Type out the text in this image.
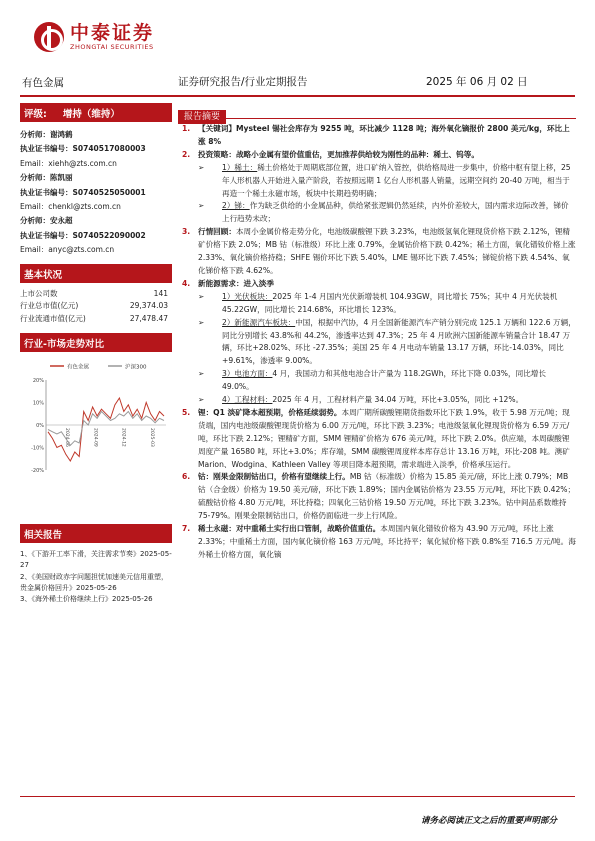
中泰证券
ZHONGTAI SECURITIES
有色金属	证券研究报告/行业定期报告	2025 年 06 月 02 日
评级: 增持（维持）
分析师：谢鸿鹤
执业证书编号：S0740517080003
Email：xiehh@zts.com.cn
分析师：陈凯丽
执业证书编号：S0740525050001
Email：chenkl@zts.com.cn
分析师：安永超
执业证书编号：S0740522090002
Email：anyc@zts.com.cn
基本状况
上市公司数	141
行业总市值(亿元)	29,374.03
行业流通市值(亿元)	27,478.47
行业-市场走势对比
有色金属	沪深300
20%
10%
0%
-10%
-20%
2024-06	2024-09	2024-12	2025-03
相关报告
1、《下游开工率下滑，关注需求节奏》2025-05-27
2、《美国财政赤字问题担忧加速美元信用重塑，贵金属价格回升》2025-05-26
3、《海外稀土价格继续上行》2025-05-26
报告摘要
1.	【关键词】Mysteel 锡社会库存为 9255 吨，环比减少 1128 吨；海外氧化镝报价 2800 美元/kg，环比上涨 8%
2.	投资策略：战略小金属有望价值重估，更加推荐供给较为刚性的品种：稀土、钨等。
➢	1）稀土：稀土价格处于周期底部位置，进口矿纳入管控，供给格局进一步集中，价格中枢有望上移，25 年人形机器人开始进入量产阶段，若按照远期 1 亿台人形机器人销量，远期空间约 20-40 万吨，相当于再造一个稀土永磁市场，板块中长期趋势明确；
➢	2）锑：作为缺乏供给的小金属品种，供给紧张逻辑仍然延续，内外价差较大，国内需求边际改善，锑价上行趋势未改；
3.	行情回顾：本周小金属价格走势分化，电池级碳酸锂下跌 3.23%，电池级氢氧化锂现货价格下跌 2.12%，锂精矿价格下跌 2.0%；MB 钴（标准级）环比上涨 0.79%，金属钴价格下跌 0.42%；稀土方面，氧化镨钕价格上涨 2.33%、氧化镝价格持稳；SHFE 锡价环比下跌 5.40%，LME 锡环比下跌 7.45%；锑锭价格下跌 4.54%、氧化锑价格下跌 4.62%。
4.	新能源需求：进入淡季
➢	1）光伏板块：2025 年 1-4 月国内光伏新增装机 104.93GW，同比增长 75%；其中 4 月光伏装机 45.22GW，同比增长 214.68%，环比增长 123%。
➢	2）新能源汽车板块：中国，根据中汽协，4 月全国新能源汽车产销分别完成 125.1 万辆和 122.6 万辆，同比分别增长 43.8%和 44.2%，渗透率达到 47.3%；25 年 4 月欧洲六国新能源车销量合计 18.47 万辆，环比+28.02%、环比 -27.35%；美国 25 年 4 月电动车销量 13.17 万辆，环比-14.03%，同比+9.61%，渗透率 9.00%。
➢	3）电池方面：4 月，我国动力和其他电池合计产量为 118.2GWh，环比下降 0.03%，同比增长 49.0%。
➢	4）工程材料：2025 年 4 月，工程材料产量 34.04 万吨，环比+3.05%，同比 +12%。
5.	锂：Q1 淡矿降本超预期，价格延续弱势。本周广期所碳酸锂期货指数环比下跌 1.9%，收于 5.98 万元/吨；现货端，国内电池级碳酸锂现货价格为 6.00 万元/吨，环比下跌 3.23%；电池级氢氧化锂现货价格为 6.59 万元/吨，环比下跌 2.12%；锂精矿方面，SMM 锂精矿价格为 676 美元/吨，环比下跌 2.0%。供应端，本周碳酸锂周度产量 16580 吨，环比+3.0%；库存端，SMM 碳酸锂周度样本库存总计 13.16 万吨，环比-208 吨。澳矿 Marion、Wodgina、Kathleen Valley 等项目降本超预期，需求端进入淡季，价格承压运行。
6.	钴：刚果金限制钴出口，价格有望继续上行。MB 钴（标准级）价格为 15.85 美元/磅，环比上涨 0.79%；MB 钴（合金级）价格为 19.50 美元/磅，环比下跌 1.89%；国内金属钴价格为 23.55 万元/吨，环比下跌 0.42%；硫酸钴价格 4.80 万元/吨，环比持稳；四氧化三钴价格 19.50 万元/吨，环比下跌 3.23%。钴中间品系数维持 75-79%。刚果金限制钴出口，价格仍面临进一步上行风险。
7.	稀土永磁：对中重稀土实行出口管制，战略价值重估。本周国内氧化镨钕价格为 43.90 万元/吨，环比上涨 2.33%；中重稀土方面，国内氧化镝价格 163 万元/吨，环比持平；氧化铽价格下跌 0.8%至 716.5 万元/吨。海外稀土价格方面，氧化镝
请务必阅读正文之后的重要声明部分
